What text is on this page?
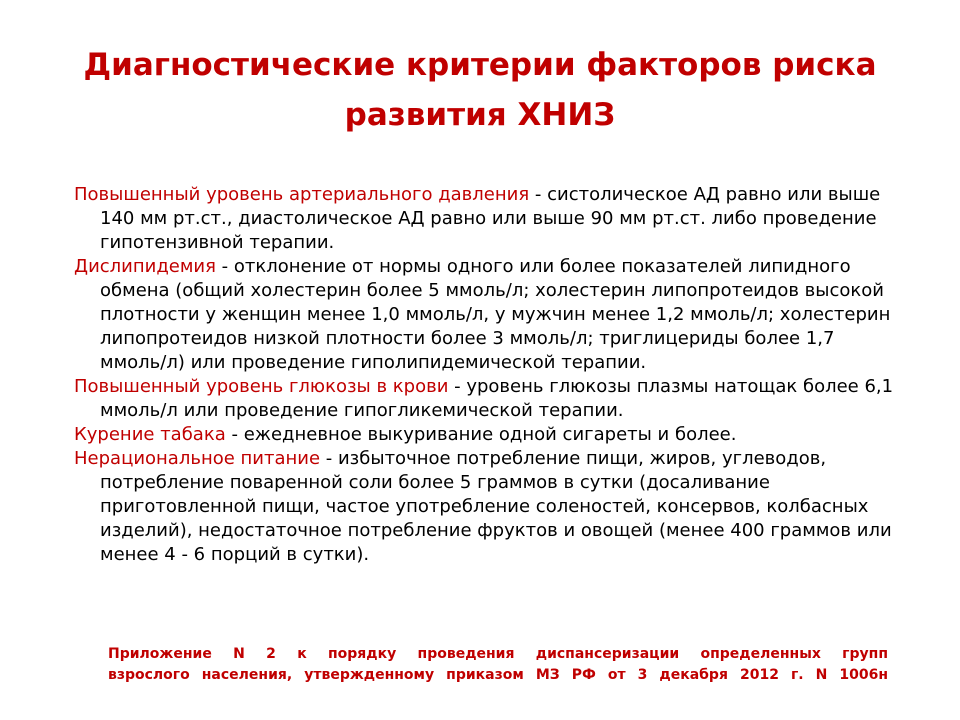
Диагностические критерии факторов риска развития ХНИЗ

Повышенный уровень артериального давления - систолическое АД равно или выше 140 мм рт.ст., диастолическое АД равно или выше 90 мм рт.ст. либо проведение гипотензивной терапии.

Дислипидемия - отклонение от нормы одного или более показателей липидного обмена (общий холестерин более 5 ммоль/л; холестерин липопротеидов высокой плотности у женщин менее 1,0 ммоль/л, у мужчин менее 1,2 ммоль/л; холестерин липопротеидов низкой плотности более 3 ммоль/л; триглицериды более 1,7 ммоль/л) или проведение гиполипидемической терапии.

Повышенный уровень глюкозы в крови - уровень глюкозы плазмы натощак более 6,1 ммоль/л или проведение гипогликемической терапии.

Курение табака - ежедневное выкуривание одной сигареты и более.

Нерациональное питание - избыточное потребление пищи, жиров, углеводов, потребление поваренной соли более 5 граммов в сутки (досаливание приготовленной пищи, частое употребление соленостей, консервов, колбасных изделий), недостаточное потребление фруктов и овощей (менее 400 граммов или менее 4 - 6 порций в сутки).

Приложение N 2 к порядку проведения диспансеризации определенных групп
взрослого населения, утвержденному приказом МЗ РФ от 3 декабря 2012 г. N 1006н
